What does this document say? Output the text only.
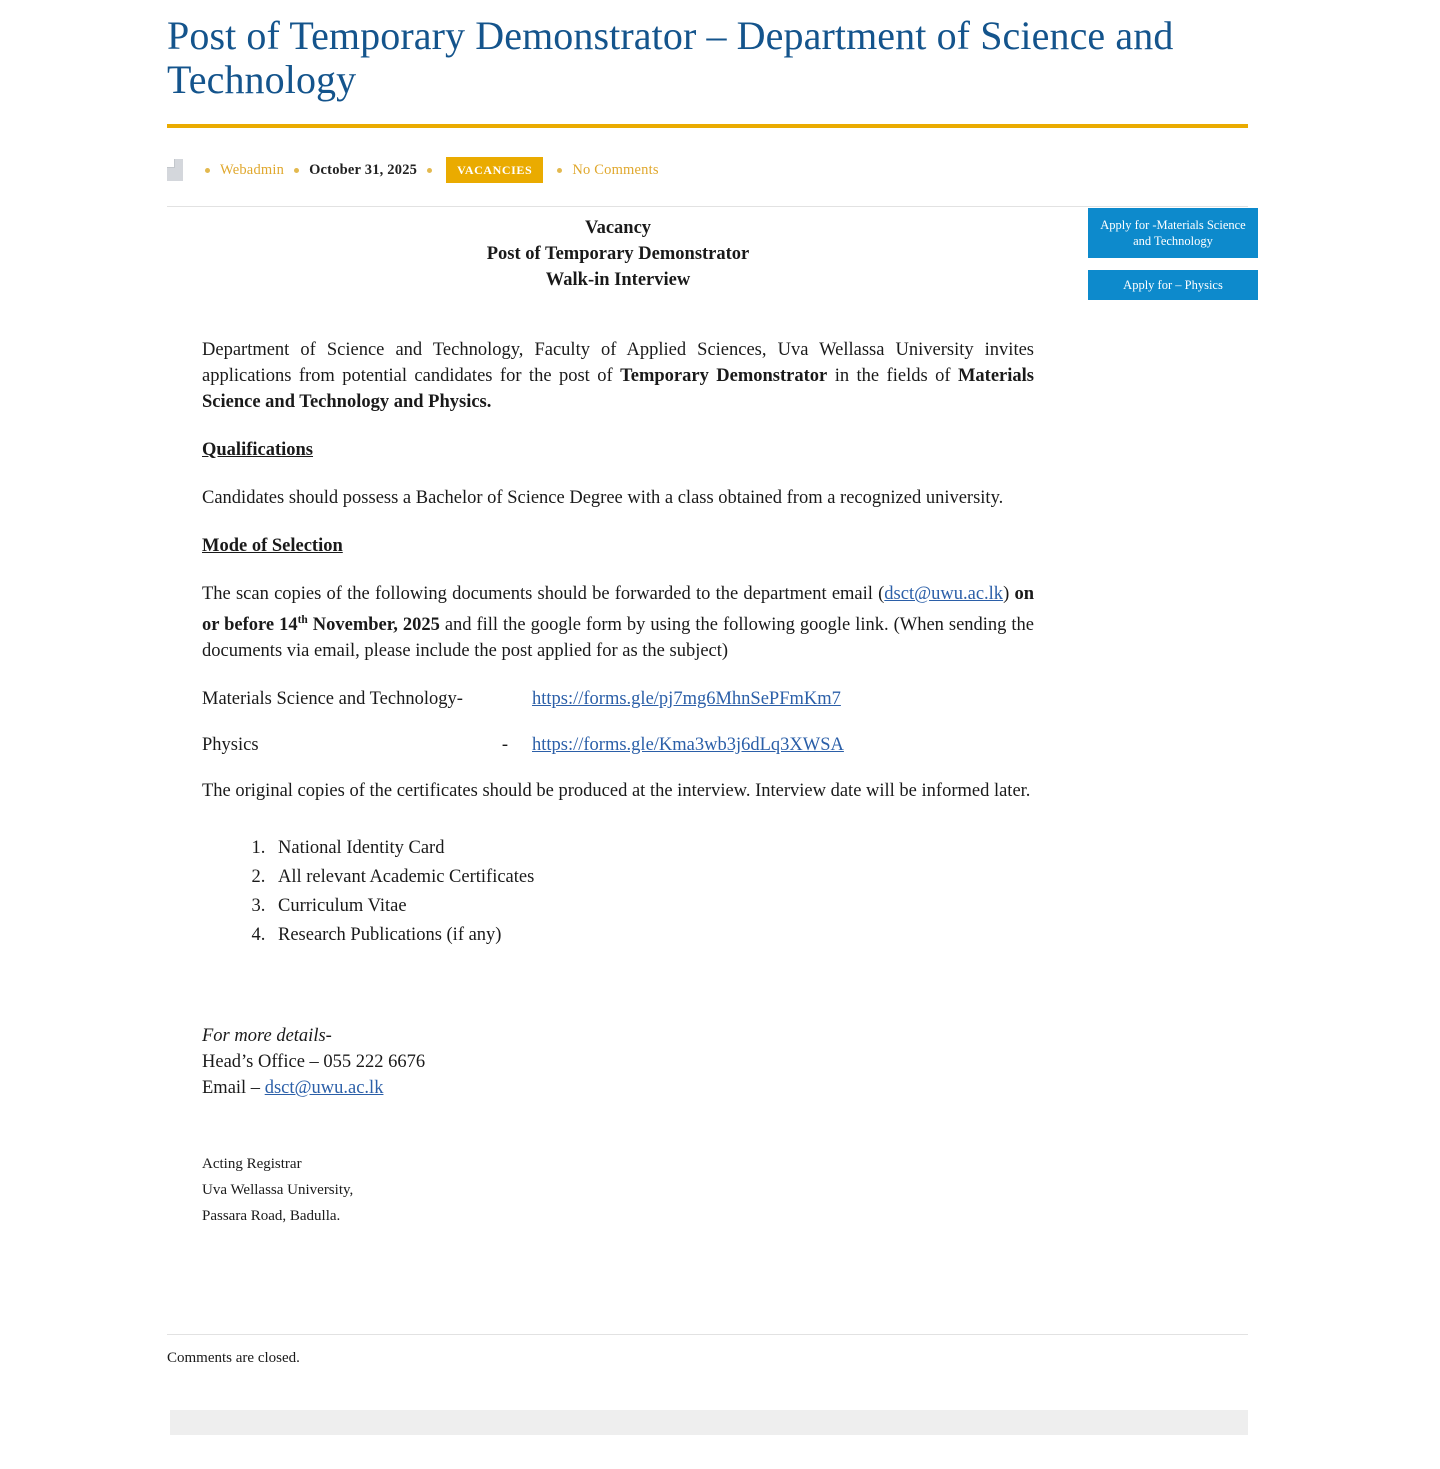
Post of Temporary Demonstrator – Department of Science and Technology
Webadmin October 31, 2025	VACANCIES	No Comments
Apply for -Materials Science and Technology
Apply for – Physics
Vacancy
Post of Temporary Demonstrator
Walk-in Interview

Department of Science and Technology, Faculty of Applied Sciences, Uva Wellassa University invites applications from potential candidates for the post of Temporary Demonstrator in the fields of Materials Science and Technology and Physics.

Qualifications

Candidates should possess a Bachelor of Science Degree with a class obtained from a recognized university.

Mode of Selection

The scan copies of the following documents should be forwarded to the department email (dsct@uwu.ac.lk) on or before 14th November, 2025 and fill the google form by using the following google link. (When sending the documents via email, please include the post applied for as the subject)

Materials Science and Technology-	https://forms.gle/pj7mg6MhnSePFmKm7
Physics	- https://forms.gle/Kma3wb3j6dLq3XWSA

The original copies of the certificates should be produced at the interview. Interview date will be informed later.

1. National Identity Card
2. All relevant Academic Certificates
3. Curriculum Vitae
4. Research Publications (if any)
For more details-
Head’s Office – 055 222 6676
Email – dsct@uwu.ac.lk
Acting Registrar
Uva Wellassa University,
Passara Road, Badulla.
Comments are closed.
